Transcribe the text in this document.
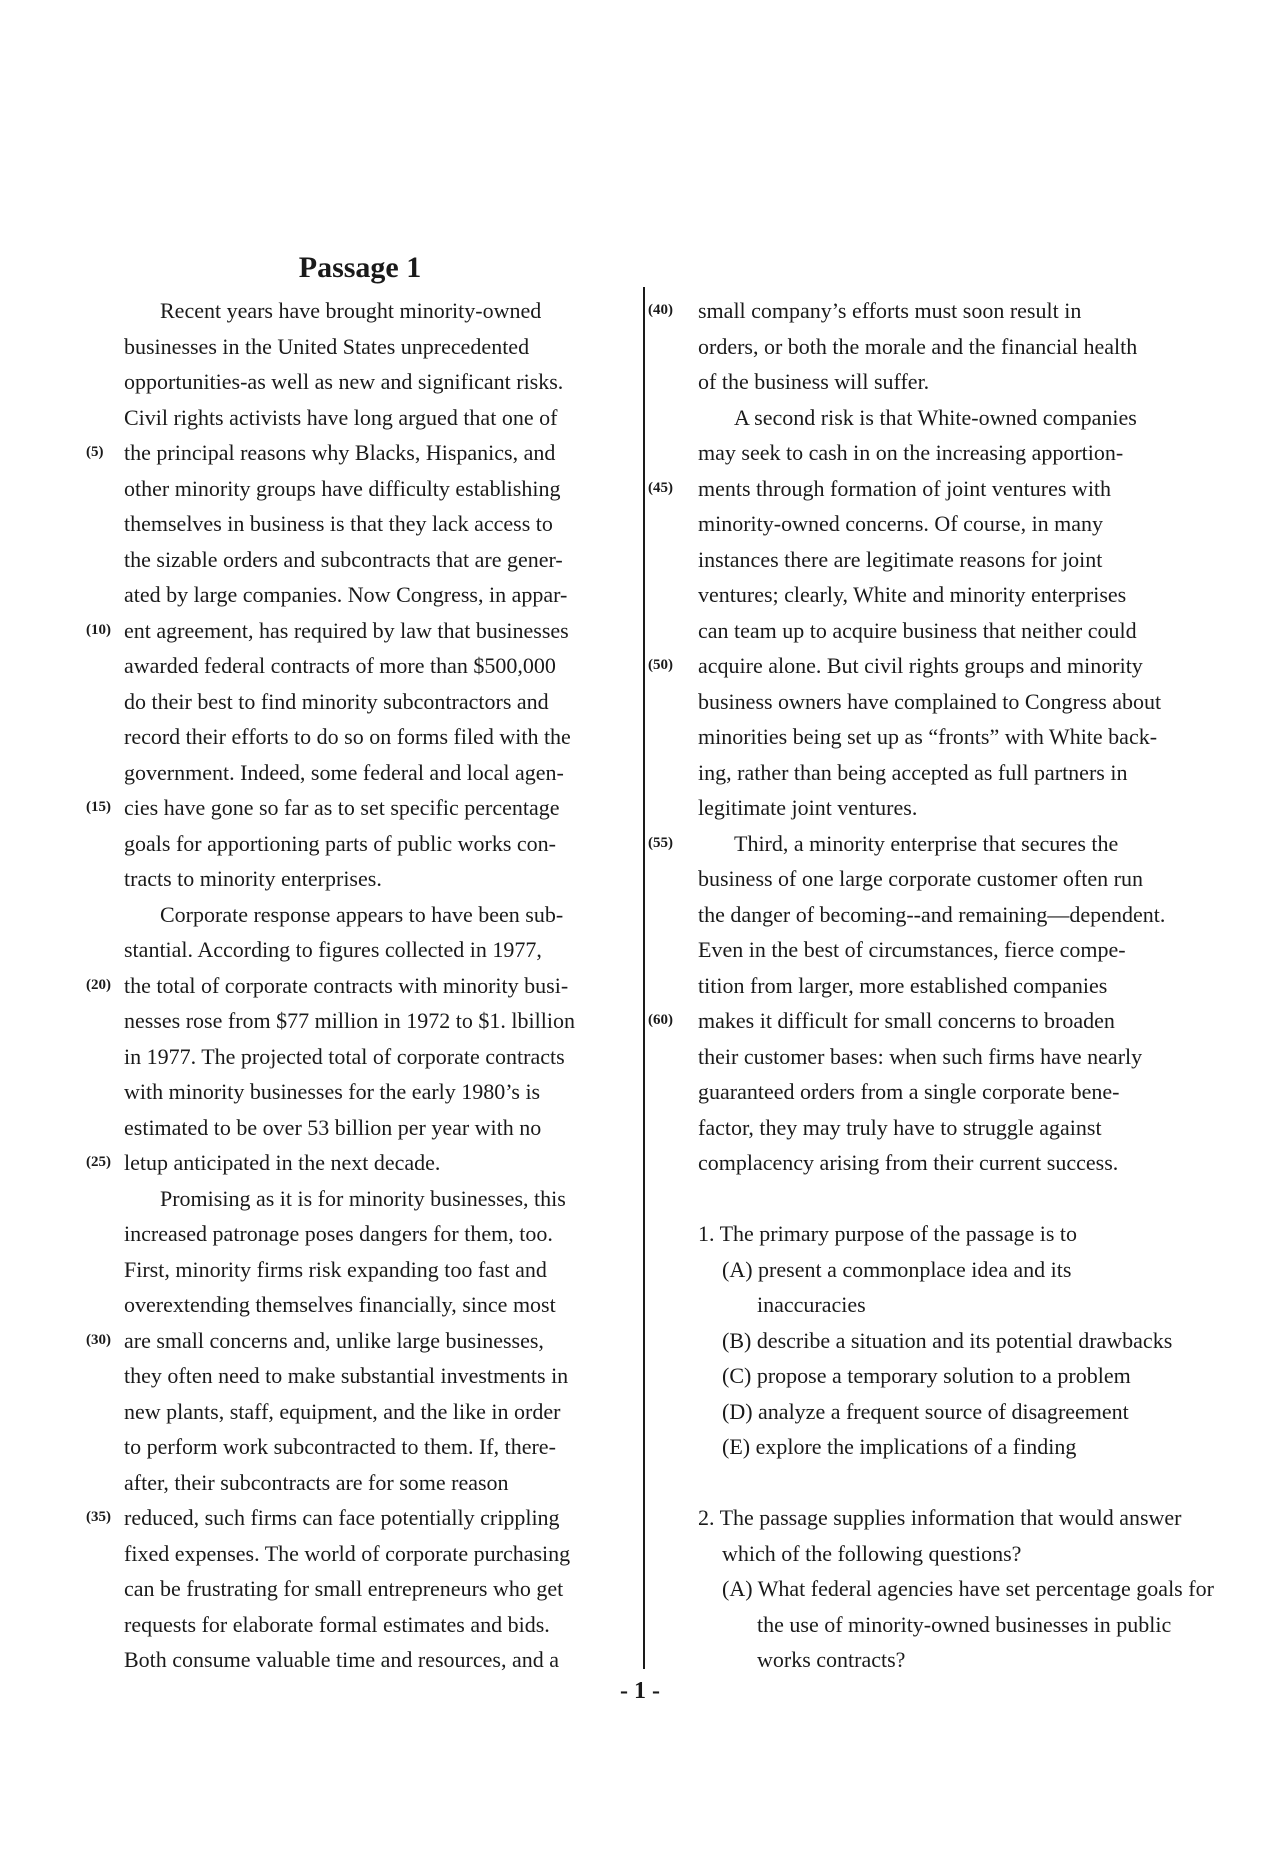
Passage 1
Recent years have brought minority-owned
businesses in the United States unprecedented
opportunities-as well as new and significant risks.
Civil rights activists have long argued that one of
(5) the principal reasons why Blacks, Hispanics, and
other minority groups have difficulty establishing
themselves in business is that they lack access to
the sizable orders and subcontracts that are gener-
ated by large companies. Now Congress, in appar-
(10) ent agreement, has required by law that businesses
awarded federal contracts of more than $500,000
do their best to find minority subcontractors and
record their efforts to do so on forms filed with the
government. Indeed, some federal and local agen-
(15) cies have gone so far as to set specific percentage
goals for apportioning parts of public works con-
tracts to minority enterprises.
Corporate response appears to have been sub-
stantial. According to figures collected in 1977,
(20) the total of corporate contracts with minority busi-
nesses rose from $77 million in 1972 to $1. lbillion
in 1977. The projected total of corporate contracts
with minority businesses for the early 1980’s is
estimated to be over 53 billion per year with no
(25) letup anticipated in the next decade.
Promising as it is for minority businesses, this
increased patronage poses dangers for them, too.
First, minority firms risk expanding too fast and
overextending themselves financially, since most
(30) are small concerns and, unlike large businesses,
they often need to make substantial investments in
new plants, staff, equipment, and the like in order
to perform work subcontracted to them. If, there-
after, their subcontracts are for some reason
(35) reduced, such firms can face potentially crippling
fixed expenses. The world of corporate purchasing
can be frustrating for small entrepreneurs who get
requests for elaborate formal estimates and bids.
Both consume valuable time and resources, and a
(40) small company’s efforts must soon result in
orders, or both the morale and the financial health
of the business will suffer.
A second risk is that White-owned companies
may seek to cash in on the increasing apportion-
(45) ments through formation of joint ventures with
minority-owned concerns. Of course, in many
instances there are legitimate reasons for joint
ventures; clearly, White and minority enterprises
can team up to acquire business that neither could
(50) acquire alone. But civil rights groups and minority
business owners have complained to Congress about
minorities being set up as “fronts” with White back-
ing, rather than being accepted as full partners in
legitimate joint ventures.
(55)	Third, a minority enterprise that secures the
business of one large corporate customer often run
the danger of becoming--and remaining—dependent.
Even in the best of circumstances, fierce compe-
tition from larger, more established companies
(60) makes it difficult for small concerns to broaden
their customer bases: when such firms have nearly
guaranteed orders from a single corporate bene-
factor, they may truly have to struggle against
complacency arising from their current success.
1. The primary purpose of the passage is to
(A) present a commonplace idea and its
inaccuracies
(B) describe a situation and its potential drawbacks
(C) propose a temporary solution to a problem
(D) analyze a frequent source of disagreement
(E) explore the implications of a finding
2. The passage supplies information that would answer
which of the following questions?
(A) What federal agencies have set percentage goals for
the use of minority-owned businesses in public
works contracts?
- 1 -
